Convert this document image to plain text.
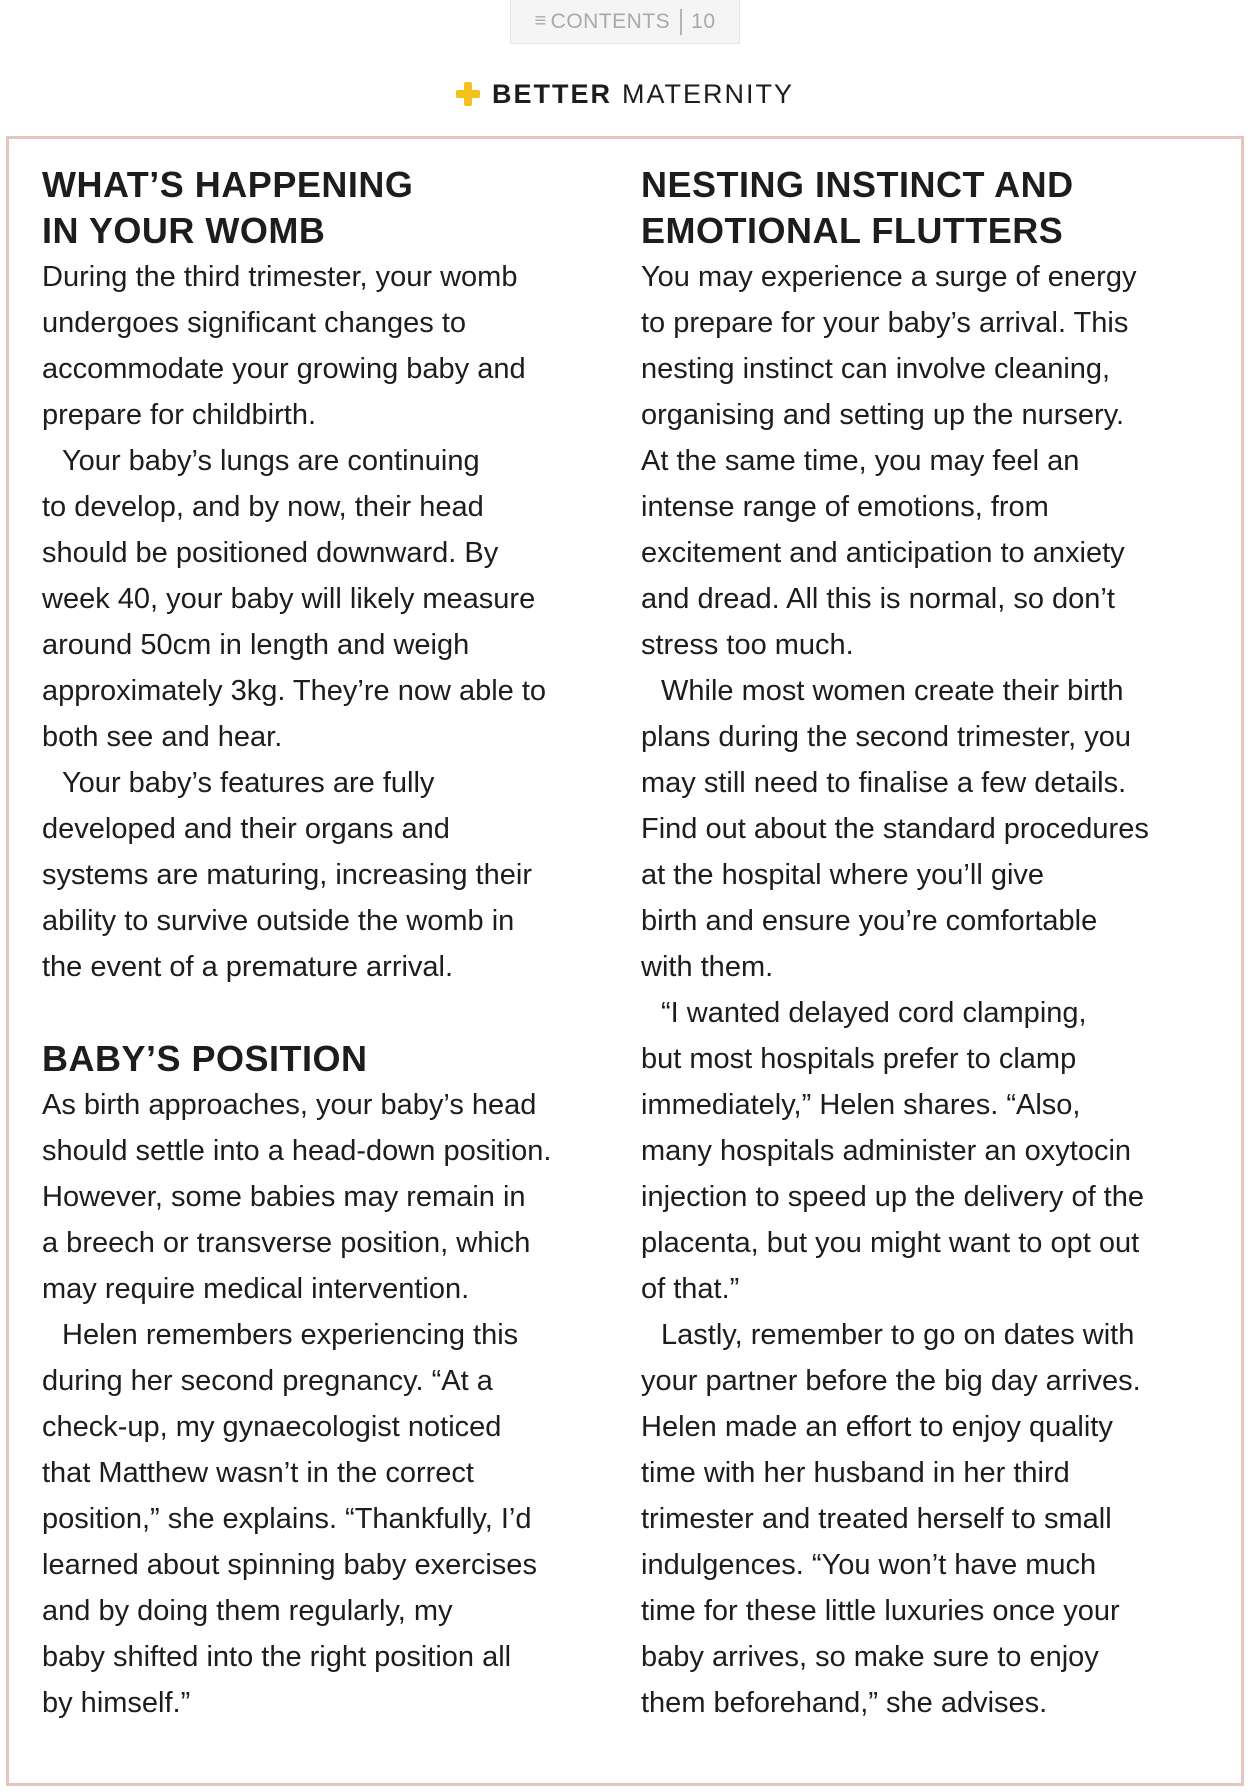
≡ CONTENTS 10
BETTER MATERNITY
WHAT’S HAPPENING
IN YOUR WOMB

During the third trimester, your womb

undergoes significant changes to

accommodate your growing baby and

prepare for childbirth.

Your baby’s lungs are continuing

to develop, and by now, their head

should be positioned downward. By

week 40, your baby will likely measure

around 50cm in length and weigh

approximately 3kg. They’re now able to

both see and hear.

Your baby’s features are fully

developed and their organs and

systems are maturing, increasing their

ability to survive outside the womb in

the event of a premature arrival.

BABY’S POSITION

As birth approaches, your baby’s head

should settle into a head-down position.

However, some babies may remain in

a breech or transverse position, which

may require medical intervention.

Helen remembers experiencing this

during her second pregnancy. “At a

check-up, my gynaecologist noticed

that Matthew wasn’t in the correct

position,” she explains. “Thankfully, I’d

learned about spinning baby exercises

and by doing them regularly, my

baby shifted into the right position all

by himself.”

NESTING INSTINCT AND
EMOTIONAL FLUTTERS

You may experience a surge of energy

to prepare for your baby’s arrival. This

nesting instinct can involve cleaning,

organising and setting up the nursery.

At the same time, you may feel an

intense range of emotions, from

excitement and anticipation to anxiety

and dread. All this is normal, so don’t

stress too much.

While most women create their birth

plans during the second trimester, you

may still need to finalise a few details.

Find out about the standard procedures

at the hospital where you’ll give

birth and ensure you’re comfortable

with them.

“I wanted delayed cord clamping,

but most hospitals prefer to clamp

immediately,” Helen shares. “Also,

many hospitals administer an oxytocin

injection to speed up the delivery of the

placenta, but you might want to opt out

of that.”

Lastly, remember to go on dates with

your partner before the big day arrives.

Helen made an effort to enjoy quality

time with her husband in her third

trimester and treated herself to small

indulgences. “You won’t have much

time for these little luxuries once your

baby arrives, so make sure to enjoy

them beforehand,” she advises.
